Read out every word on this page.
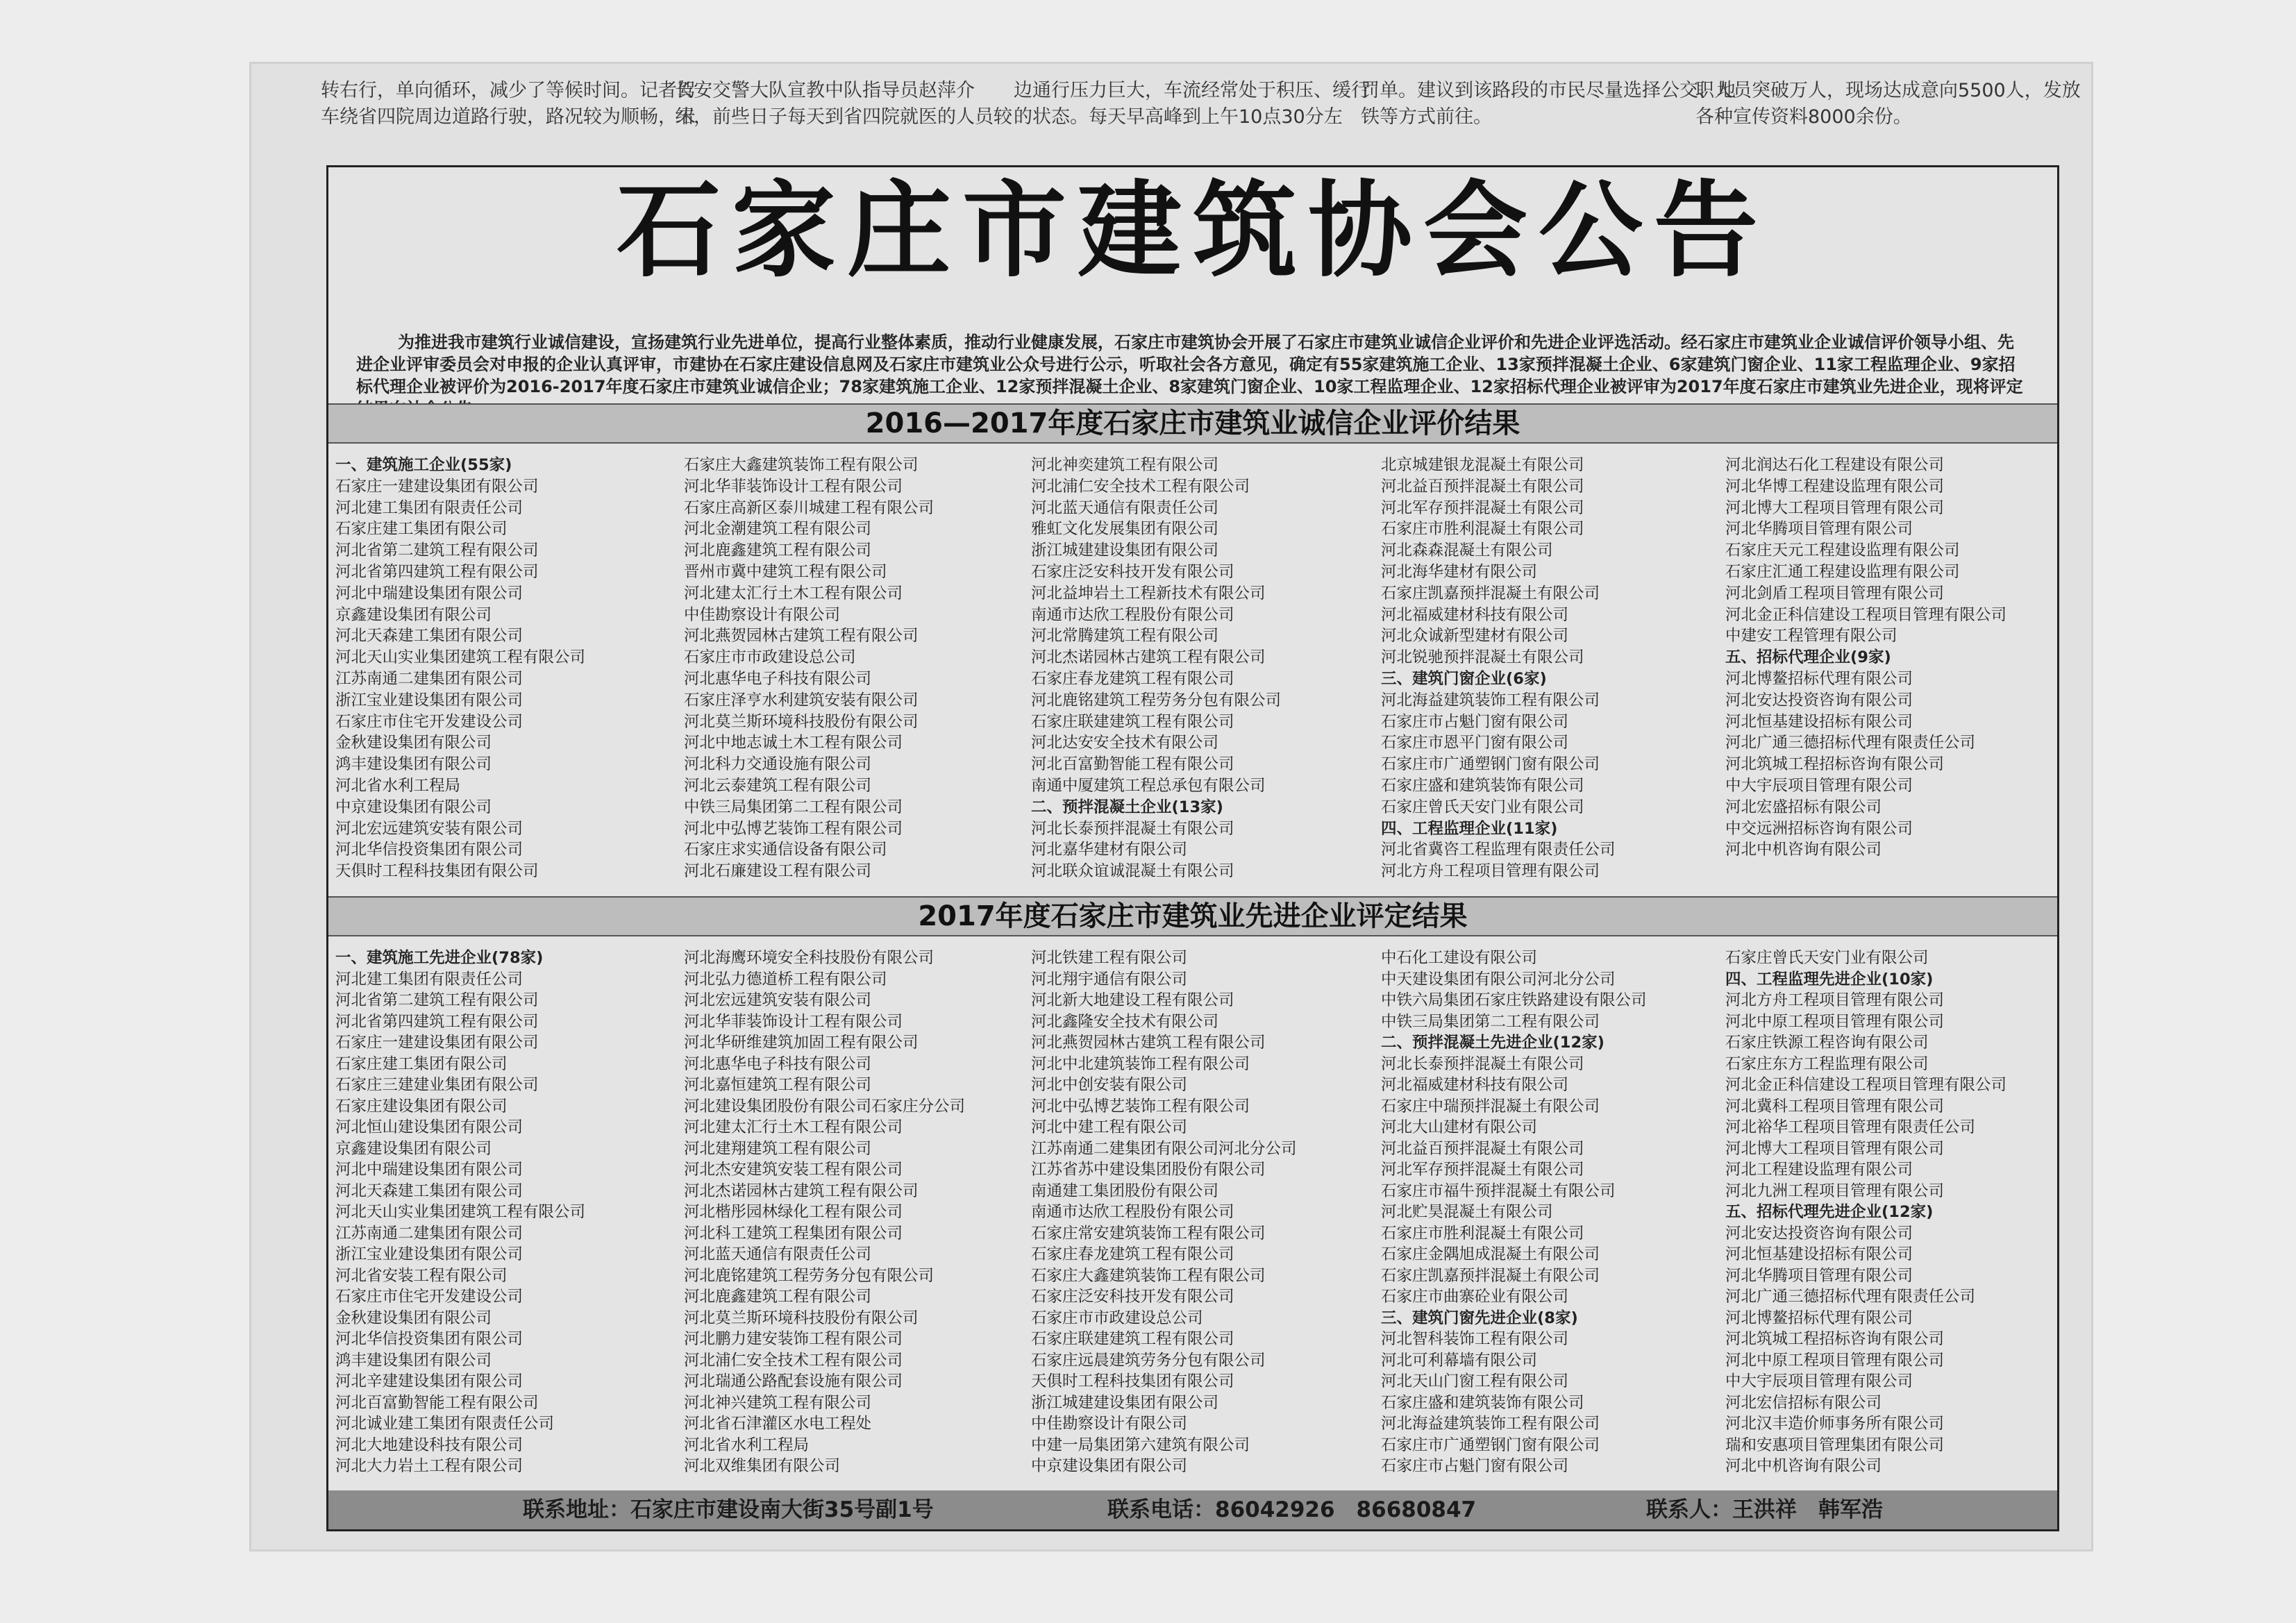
转右行，单向循环，减少了等候时间。记者驾
车绕省四院周边道路行驶，路况较为顺畅，未
长安交警大队宣教中队指导员赵萍介
绍，前些日子每天到省四院就医的人员较
边通行压力巨大，车流经常处于积压、缓行
的状态。每天早高峰到上午10点30分左
罚单。建议到该路段的市民尽量选择公交、地
铁等方式前往。
职人员突破万人，现场达成意向5500人，发放
各种宣传资料8000余份。
石家庄市建筑协会公告
为推进我市建筑行业诚信建设，宣扬建筑行业先进单位，提高行业整体素质，推动行业健康发展，石家庄市建筑协会开展了石家庄市建筑业诚信企业评价和先进企业评选活动。经石家庄市建筑业企业诚信评价领导小组、先进企业评审委员会对申报的企业认真评审，市建协在石家庄建设信息网及石家庄市建筑业公众号进行公示，听取社会各方意见，确定有55家建筑施工企业、13家预拌混凝土企业、6家建筑门窗企业、11家工程监理企业、9家招标代理企业被评价为2016-2017年度石家庄市建筑业诚信企业；78家建筑施工企业、12家预拌混凝土企业、8家建筑门窗企业、10家工程监理企业、12家招标代理企业被评审为2017年度石家庄市建筑业先进企业，现将评定
2016—2017年度石家庄市建筑业诚信企业评价结果
一、建筑施工企业(55家)
石家庄一建建设集团有限公司
河北建工集团有限责任公司
石家庄建工集团有限公司
河北省第二建筑工程有限公司
河北省第四建筑工程有限公司
河北中瑞建设集团有限公司
京鑫建设集团有限公司
河北天森建工集团有限公司
河北天山实业集团建筑工程有限公司
江苏南通二建集团有限公司
浙江宝业建设集团有限公司
石家庄市住宅开发建设公司
金秋建设集团有限公司
鸿丰建设集团有限公司
河北省水利工程局
中京建设集团有限公司
河北宏远建筑安装有限公司
河北华信投资集团有限公司
天俱时工程科技集团有限公司
石家庄大鑫建筑装饰工程有限公司
河北华菲装饰设计工程有限公司
石家庄高新区泰川城建工程有限公司
河北金潮建筑工程有限公司
河北鹿鑫建筑工程有限公司
晋州市冀中建筑工程有限公司
河北建太汇行土木工程有限公司
中佳勘察设计有限公司
河北燕贺园林古建筑工程有限公司
石家庄市市政建设总公司
河北惠华电子科技有限公司
石家庄泽亨水利建筑安装有限公司
河北莫兰斯环境科技股份有限公司
河北中地志诚土木工程有限公司
河北科力交通设施有限公司
河北云泰建筑工程有限公司
中铁三局集团第二工程有限公司
河北中弘博艺装饰工程有限公司
石家庄求实通信设备有限公司
河北石廉建设工程有限公司
河北神奕建筑工程有限公司
河北浦仁安全技术工程有限公司
河北蓝天通信有限责任公司
雅虹文化发展集团有限公司
浙江城建建设集团有限公司
石家庄泛安科技开发有限公司
河北益坤岩土工程新技术有限公司
南通市达欣工程股份有限公司
河北常腾建筑工程有限公司
河北杰诺园林古建筑工程有限公司
石家庄春龙建筑工程有限公司
河北鹿铭建筑工程劳务分包有限公司
石家庄联建建筑工程有限公司
河北达安安全技术有限公司
河北百富勤智能工程有限公司
南通中厦建筑工程总承包有限公司
二、预拌混凝土企业(13家)
河北长泰预拌混凝土有限公司
河北嘉华建材有限公司
河北联众谊诚混凝土有限公司
北京城建银龙混凝土有限公司
河北益百预拌混凝土有限公司
河北军存预拌混凝土有限公司
石家庄市胜利混凝土有限公司
河北森森混凝土有限公司
河北海华建材有限公司
石家庄凯嘉预拌混凝土有限公司
河北福威建材科技有限公司
河北众诚新型建材有限公司
河北锐驰预拌混凝土有限公司
三、建筑门窗企业(6家)
河北海益建筑装饰工程有限公司
石家庄市占魁门窗有限公司
石家庄市恩平门窗有限公司
石家庄市广通塑钢门窗有限公司
石家庄盛和建筑装饰有限公司
石家庄曾氏天安门业有限公司
四、工程监理企业(11家)
河北省冀咨工程监理有限责任公司
河北方舟工程项目管理有限公司
河北润达石化工程建设有限公司
河北华博工程建设监理有限公司
河北博大工程项目管理有限公司
河北华腾项目管理有限公司
石家庄天元工程建设监理有限公司
石家庄汇通工程建设监理有限公司
河北剑盾工程项目管理有限公司
河北金正科信建设工程项目管理有限公司
中建安工程管理有限公司
五、招标代理企业(9家)
河北博鳌招标代理有限公司
河北安达投资咨询有限公司
河北恒基建设招标有限公司
河北广通三德招标代理有限责任公司
河北筑城工程招标咨询有限公司
中大宇辰项目管理有限公司
河北宏盛招标有限公司
中交远洲招标咨询有限公司
河北中机咨询有限公司
2017年度石家庄市建筑业先进企业评定结果
一、建筑施工先进企业(78家)
河北建工集团有限责任公司
河北省第二建筑工程有限公司
河北省第四建筑工程有限公司
石家庄一建建设集团有限公司
石家庄建工集团有限公司
石家庄三建建业集团有限公司
石家庄建设集团有限公司
河北恒山建设集团有限公司
京鑫建设集团有限公司
河北中瑞建设集团有限公司
河北天森建工集团有限公司
河北天山实业集团建筑工程有限公司
江苏南通二建集团有限公司
浙江宝业建设集团有限公司
河北省安装工程有限公司
石家庄市住宅开发建设公司
金秋建设集团有限公司
河北华信投资集团有限公司
鸿丰建设集团有限公司
河北辛建建设集团有限公司
河北百富勤智能工程有限公司
河北诚业建工集团有限责任公司
河北大地建设科技有限公司
河北大力岩土工程有限公司
河北海鹰环境安全科技股份有限公司
河北弘力德道桥工程有限公司
河北宏远建筑安装有限公司
河北华菲装饰设计工程有限公司
河北华研维建筑加固工程有限公司
河北惠华电子科技有限公司
河北嘉恒建筑工程有限公司
河北建设集团股份有限公司石家庄分公司
河北建太汇行土木工程有限公司
河北建翔建筑工程有限公司
河北杰安建筑安装工程有限公司
河北杰诺园林古建筑工程有限公司
河北楷彤园林绿化工程有限公司
河北科工建筑工程集团有限公司
河北蓝天通信有限责任公司
河北鹿铭建筑工程劳务分包有限公司
河北鹿鑫建筑工程有限公司
河北莫兰斯环境科技股份有限公司
河北鹏力建安装饰工程有限公司
河北浦仁安全技术工程有限公司
河北瑞通公路配套设施有限公司
河北神兴建筑工程有限公司
河北省石津灌区水电工程处
河北省水利工程局
河北双维集团有限公司
河北铁建工程有限公司
河北翔宇通信有限公司
河北新大地建设工程有限公司
河北鑫隆安全技术有限公司
河北燕贺园林古建筑工程有限公司
河北中北建筑装饰工程有限公司
河北中创安装有限公司
河北中弘博艺装饰工程有限公司
河北中建工程有限公司
江苏南通二建集团有限公司河北分公司
江苏省苏中建设集团股份有限公司
南通建工集团股份有限公司
南通市达欣工程股份有限公司
石家庄常安建筑装饰工程有限公司
石家庄春龙建筑工程有限公司
石家庄大鑫建筑装饰工程有限公司
石家庄泛安科技开发有限公司
石家庄市市政建设总公司
石家庄联建建筑工程有限公司
石家庄远晨建筑劳务分包有限公司
天俱时工程科技集团有限公司
浙江城建建设集团有限公司
中佳勘察设计有限公司
中建一局集团第六建筑有限公司
中京建设集团有限公司
中石化工建设有限公司
中天建设集团有限公司河北分公司
中铁六局集团石家庄铁路建设有限公司
中铁三局集团第二工程有限公司
二、预拌混凝土先进企业(12家)
河北长泰预拌混凝土有限公司
河北福威建材科技有限公司
石家庄中瑞预拌混凝土有限公司
河北大山建材有限公司
河北益百预拌混凝土有限公司
河北军存预拌混凝土有限公司
石家庄市福牛预拌混凝土有限公司
河北贮昊混凝土有限公司
石家庄市胜利混凝土有限公司
石家庄金隅旭成混凝土有限公司
石家庄凯嘉预拌混凝土有限公司
石家庄市曲寨砼业有限公司
三、建筑门窗先进企业(8家)
河北智科装饰工程有限公司
河北可利幕墙有限公司
河北天山门窗工程有限公司
石家庄盛和建筑装饰有限公司
河北海益建筑装饰工程有限公司
石家庄市广通塑钢门窗有限公司
石家庄市占魁门窗有限公司
石家庄曾氏天安门业有限公司
四、工程监理先进企业(10家)
河北方舟工程项目管理有限公司
河北中原工程项目管理有限公司
石家庄铁源工程咨询有限公司
石家庄东方工程监理有限公司
河北金正科信建设工程项目管理有限公司
河北冀科工程项目管理有限公司
河北裕华工程项目管理有限责任公司
河北博大工程项目管理有限公司
河北工程建设监理有限公司
河北九洲工程项目管理有限公司
五、招标代理先进企业(12家)
河北安达投资咨询有限公司
河北恒基建设招标有限公司
河北华腾项目管理有限公司
河北广通三德招标代理有限责任公司
河北博鳌招标代理有限公司
河北筑城工程招标咨询有限公司
河北中原工程项目管理有限公司
中大宇辰项目管理有限公司
河北宏信招标有限公司
河北汉丰造价师事务所有限公司
瑞和安惠项目管理集团有限公司
河北中机咨询有限公司
联系地址：石家庄市建设南大街35号副1号	联系电话：86042926　86680847	联系人：王洪祥　韩军浩
